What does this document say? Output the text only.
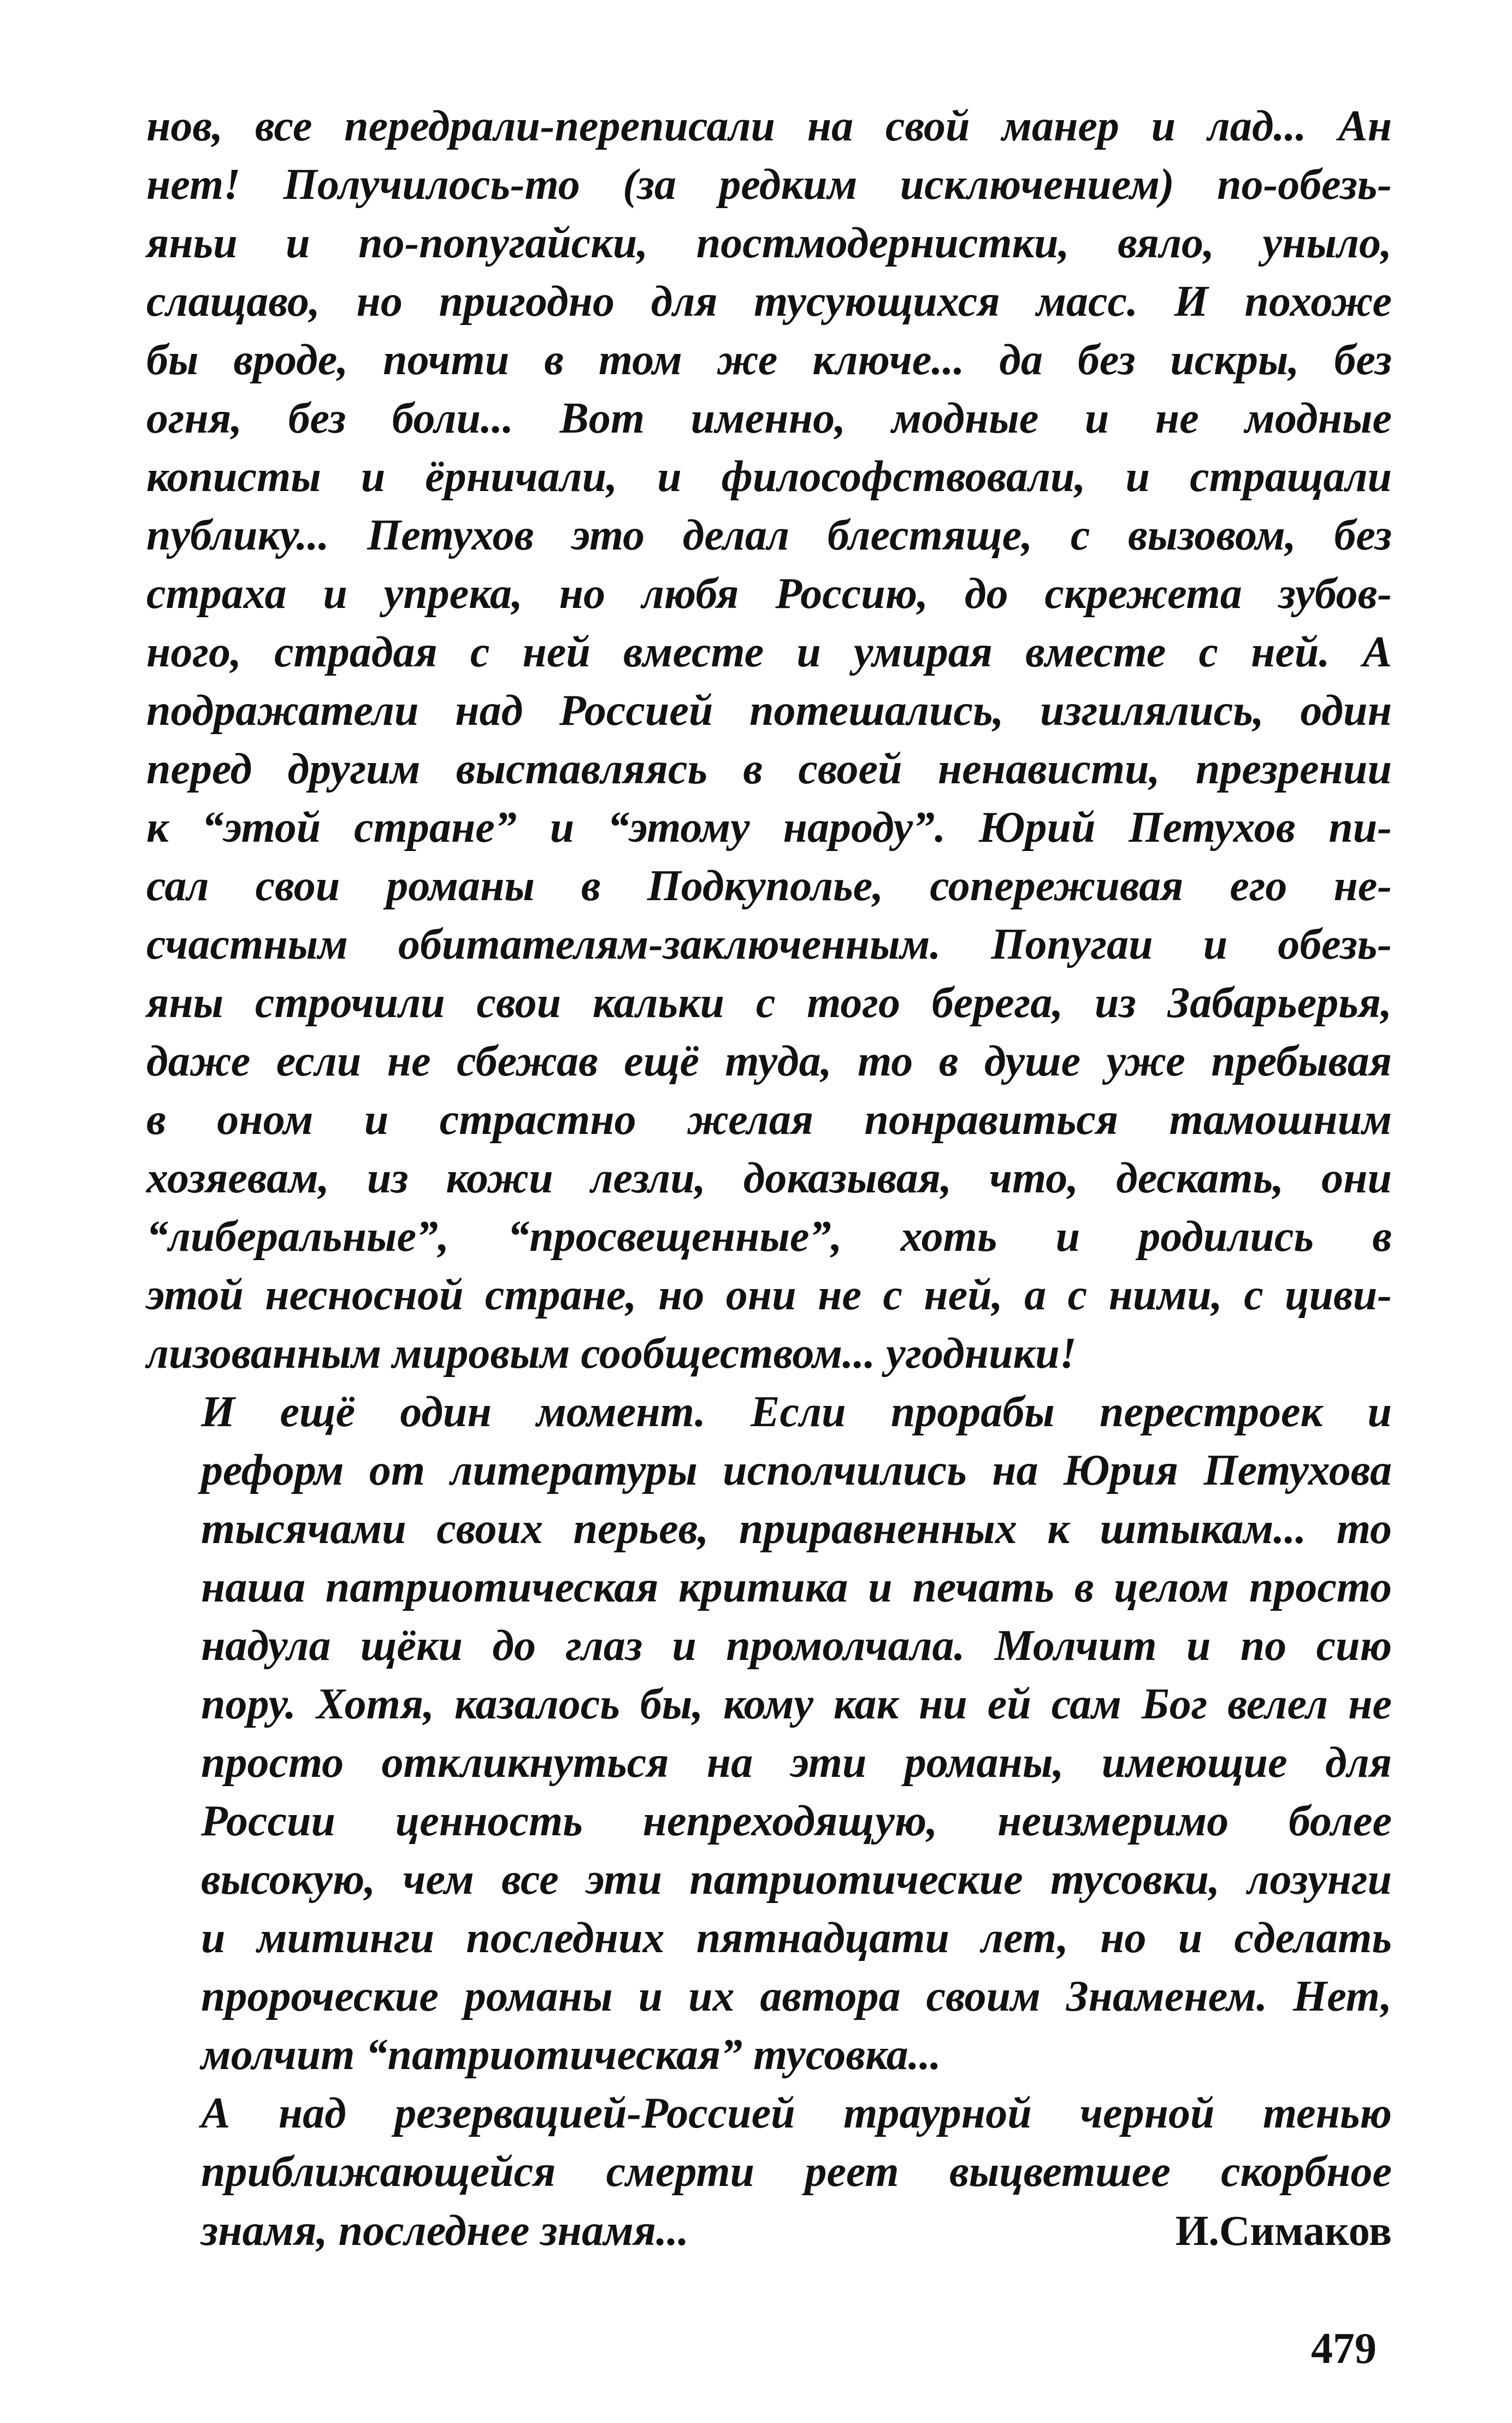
нов, все передрали-переписали на свой манер и лад... Ан
нет! Получилось-то (за редким исключением) по-обезь-
яньи и по-попугайски, постмодернистки, вяло, уныло,
слащаво, но пригодно для тусующихся масс. И похоже
бы вроде, почти в том же ключе... да без искры, без
огня, без боли... Вот именно, модные и не модные
кописты и ёрничали, и философствовали, и стращали
публику... Петухов это делал блестяще, с вызовом, без
страха и упрека, но любя Россию, до скрежета зубов-
ного, страдая с ней вместе и умирая вместе с ней. А
подражатели над Россией потешались, изгилялись, один
перед другим выставляясь в своей ненависти, презрении
к “этой стране” и “этому народу”. Юрий Петухов пи-
сал свои романы в Подкуполье, сопереживая его не-
счастным обитателям-заключенным. Попугаи и обезь-
яны строчили свои кальки с того берега, из Забарьерья,
даже если не сбежав ещё туда, то в душе уже пребывая
в оном и страстно желая понравиться тамошним
хозяевам, из кожи лезли, доказывая, что, дескать, они
“либеральные”, “просвещенные”, хоть и родились в
этой несносной стране, но они не с ней, а с ними, с циви-
лизованным мировым сообществом... угодники!
И ещё один момент. Если прорабы перестроек и
реформ от литературы исполчились на Юрия Петухова
тысячами своих перьев, приравненных к штыкам... то
наша патриотическая критика и печать в целом просто
надула щёки до глаз и промолчала. Молчит и по сию
пору. Хотя, казалось бы, кому как ни ей сам Бог велел не
просто откликнуться на эти романы, имеющие для
России ценность непреходящую, неизмеримо более
высокую, чем все эти патриотические тусовки, лозунги
и митинги последних пятнадцати лет, но и сделать
пророческие романы и их автора своим Знаменем. Нет,
молчит “патриотическая” тусовка...
А над резервацией-Россией траурной черной тенью
приближающейся смерти реет выцветшее скорбное
знамя, последнее знамя...	И.Симаков
479
